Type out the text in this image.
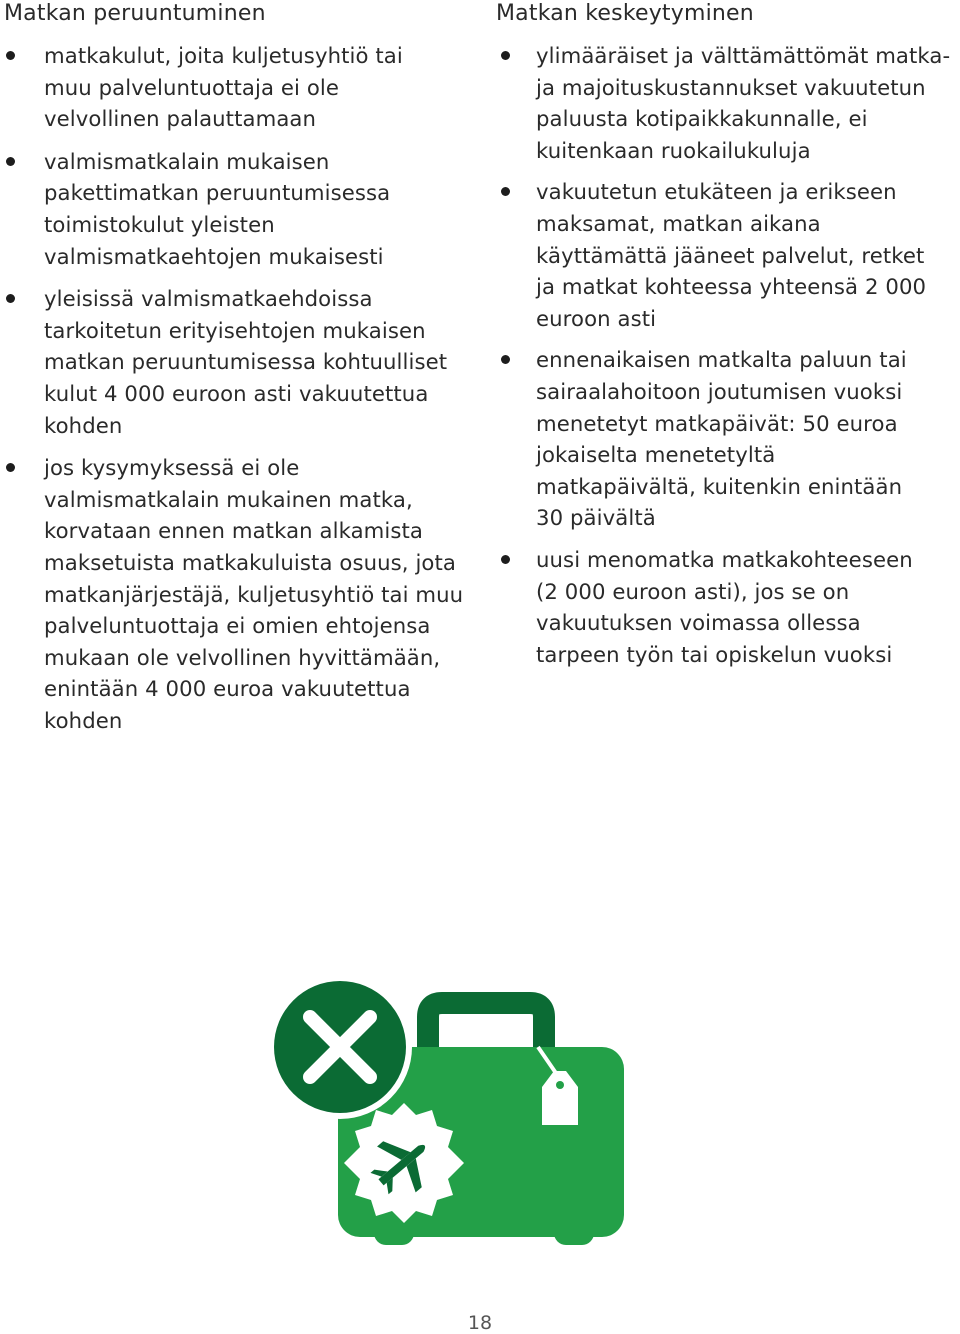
Matkan peruuntuminen
matkakulut, joita kuljetusyhtiö tai muu palveluntuottaja ei ole velvollinen palauttamaan
valmismatkalain mukaisen pakettimatkan peruuntumisessa toimistokulut yleisten valmismatkaehtojen mukaisesti
yleisissä valmismatkaehdoissa tarkoitetun erityisehtojen mukaisen matkan peruuntumisessa kohtuulliset kulut 4 000 euroon asti vakuutettua kohden
jos kysymyksessä ei ole valmismatkalain mukainen matka, korvataan ennen matkan alkamista maksetuista matkakuluista osuus, jota matkanjärjestäjä, kuljetusyhtiö tai muu palveluntuottaja ei omien ehtojensa mukaan ole velvollinen hyvittämään, enintään 4 000 euroa vakuutettua kohden
Matkan keskeytyminen
ylimääräiset ja välttämättömät matka- ja majoituskustannukset vakuutetun paluusta kotipaikkakunnalle, ei kuitenkaan ruokailukuluja
vakuutetun etukäteen ja erikseen maksamat, matkan aikana käyttämättä jääneet palvelut, retket ja matkat kohteessa yhteensä 2 000 euroon asti
ennenaikaisen matkalta paluun tai sairaalahoitoon joutumisen vuoksi menetetyt matkapäivät: 50 euroa jokaiselta menetetyltä matkapäivältä, kuitenkin enintään 30 päivältä
uusi menomatka matkakohteeseen (2 000 euroon asti), jos se on vakuutuksen voimassa ollessa tarpeen työn tai opiskelun vuoksi
18
